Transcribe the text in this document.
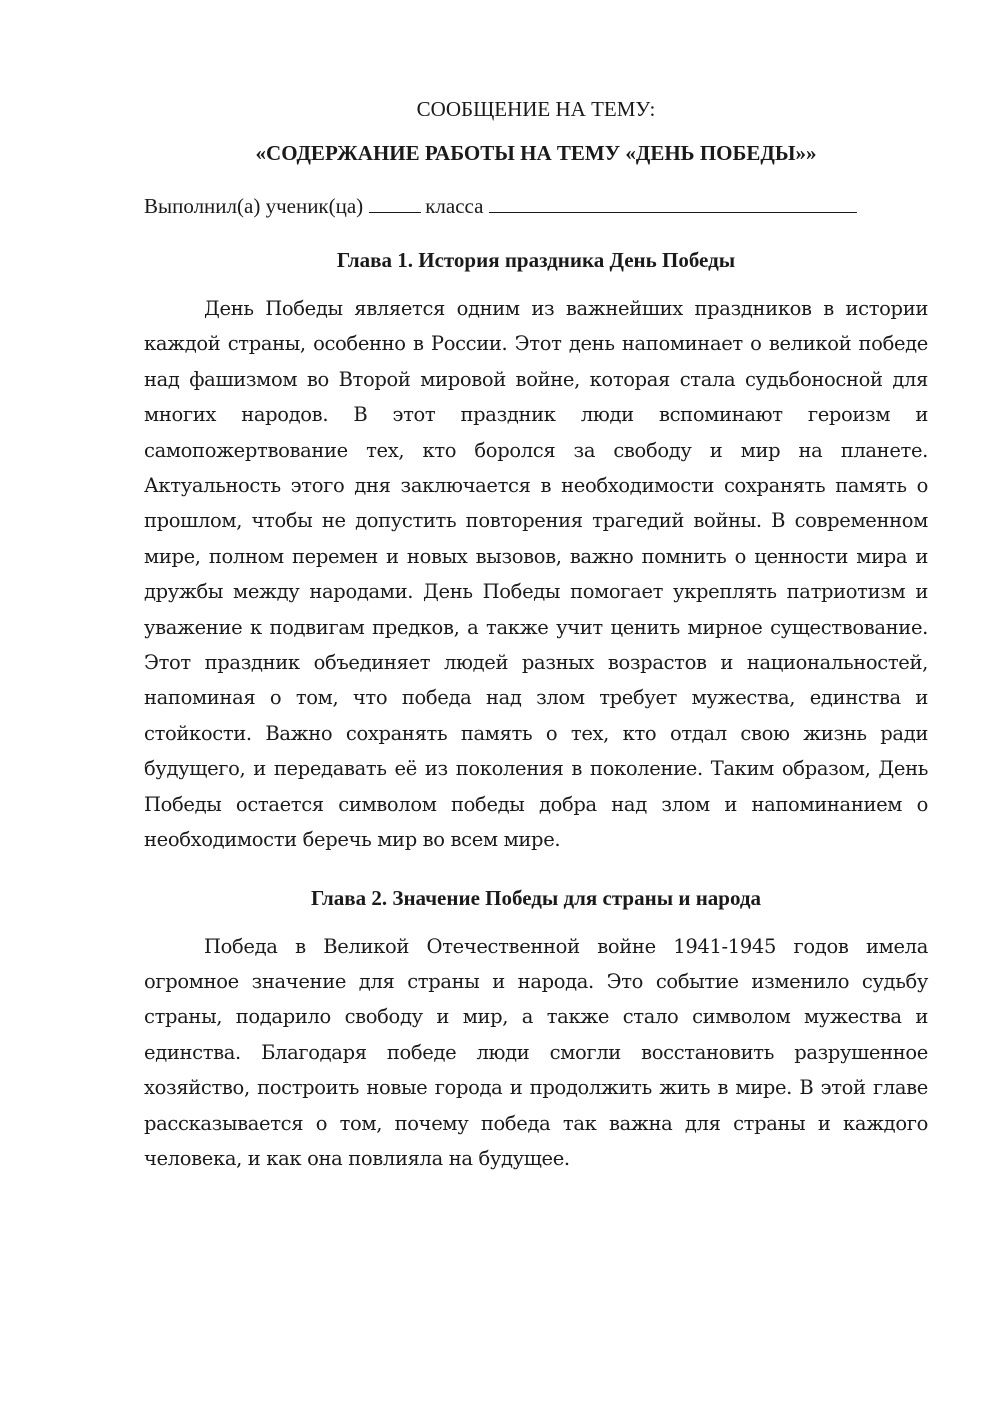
СООБЩЕНИЕ НА ТЕМУ:

«СОДЕРЖАНИЕ РАБОТЫ НА ТЕМУ «ДЕНЬ ПОБЕДЫ»»

Выполнил(а) ученик(ца)	класса

Глава 1. История праздника День Победы

День Победы является одним из важнейших праздников в истории каждой страны, особенно в России. Этот день напоминает о великой победе над фашизмом во Второй мировой войне, которая стала судьбоносной для многих народов. В этот праздник люди вспоминают героизм и самопожертвование тех, кто боролся за свободу и мир на планете. Актуальность этого дня заключается в необходимости сохранять память о прошлом, чтобы не допустить повторения трагедий войны. В современном мире, полном перемен и новых вызовов, важно помнить о ценности мира и дружбы между народами. День Победы помогает укреплять патриотизм и уважение к подвигам предков, а также учит ценить мирное существование. Этот праздник объединяет людей разных возрастов и национальностей, напоминая о том, что победа над злом требует мужества, единства и стойкости. Важно сохранять память о тех, кто отдал свою жизнь ради будущего, и передавать её из поколения в поколение. Таким образом, День Победы остается символом победы добра над злом и напоминанием о необходимости беречь мир во всем мире.

Глава 2. Значение Победы для страны и народа

Победа в Великой Отечественной войне 1941-1945 годов имела огромное значение для страны и народа. Это событие изменило судьбу страны, подарило свободу и мир, а также стало символом мужества и единства. Благодаря победе люди смогли восстановить разрушенное хозяйство, построить новые города и продолжить жить в мире. В этой главе рассказывается о том, почему победа так важна для страны и каждого человека, и как она повлияла на будущее.
